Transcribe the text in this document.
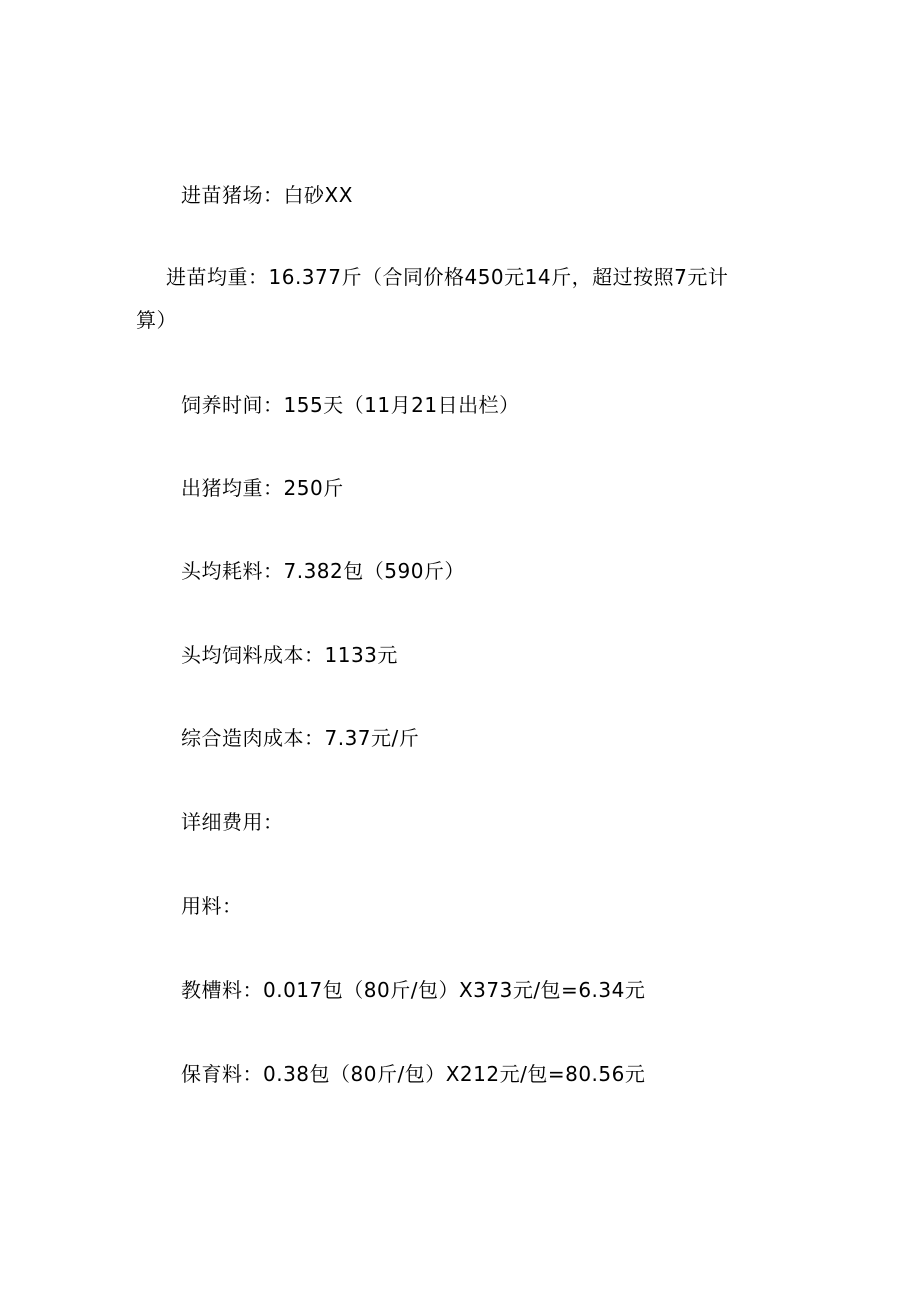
进苗猪场：白砂XX
进苗均重：16.377斤（合同价格450元14斤，超过按照7元计
算）
饲养时间：155天（11月21日出栏）
出猪均重：250斤
头均耗料：7.382包（590斤）
头均饲料成本：1133元
综合造肉成本：7.37元/斤
详细费用：
用料：
教槽料：0.017包（80斤/包）X373元/包=6.34元
保育料：0.38包（80斤/包）X212元/包=80.56元
